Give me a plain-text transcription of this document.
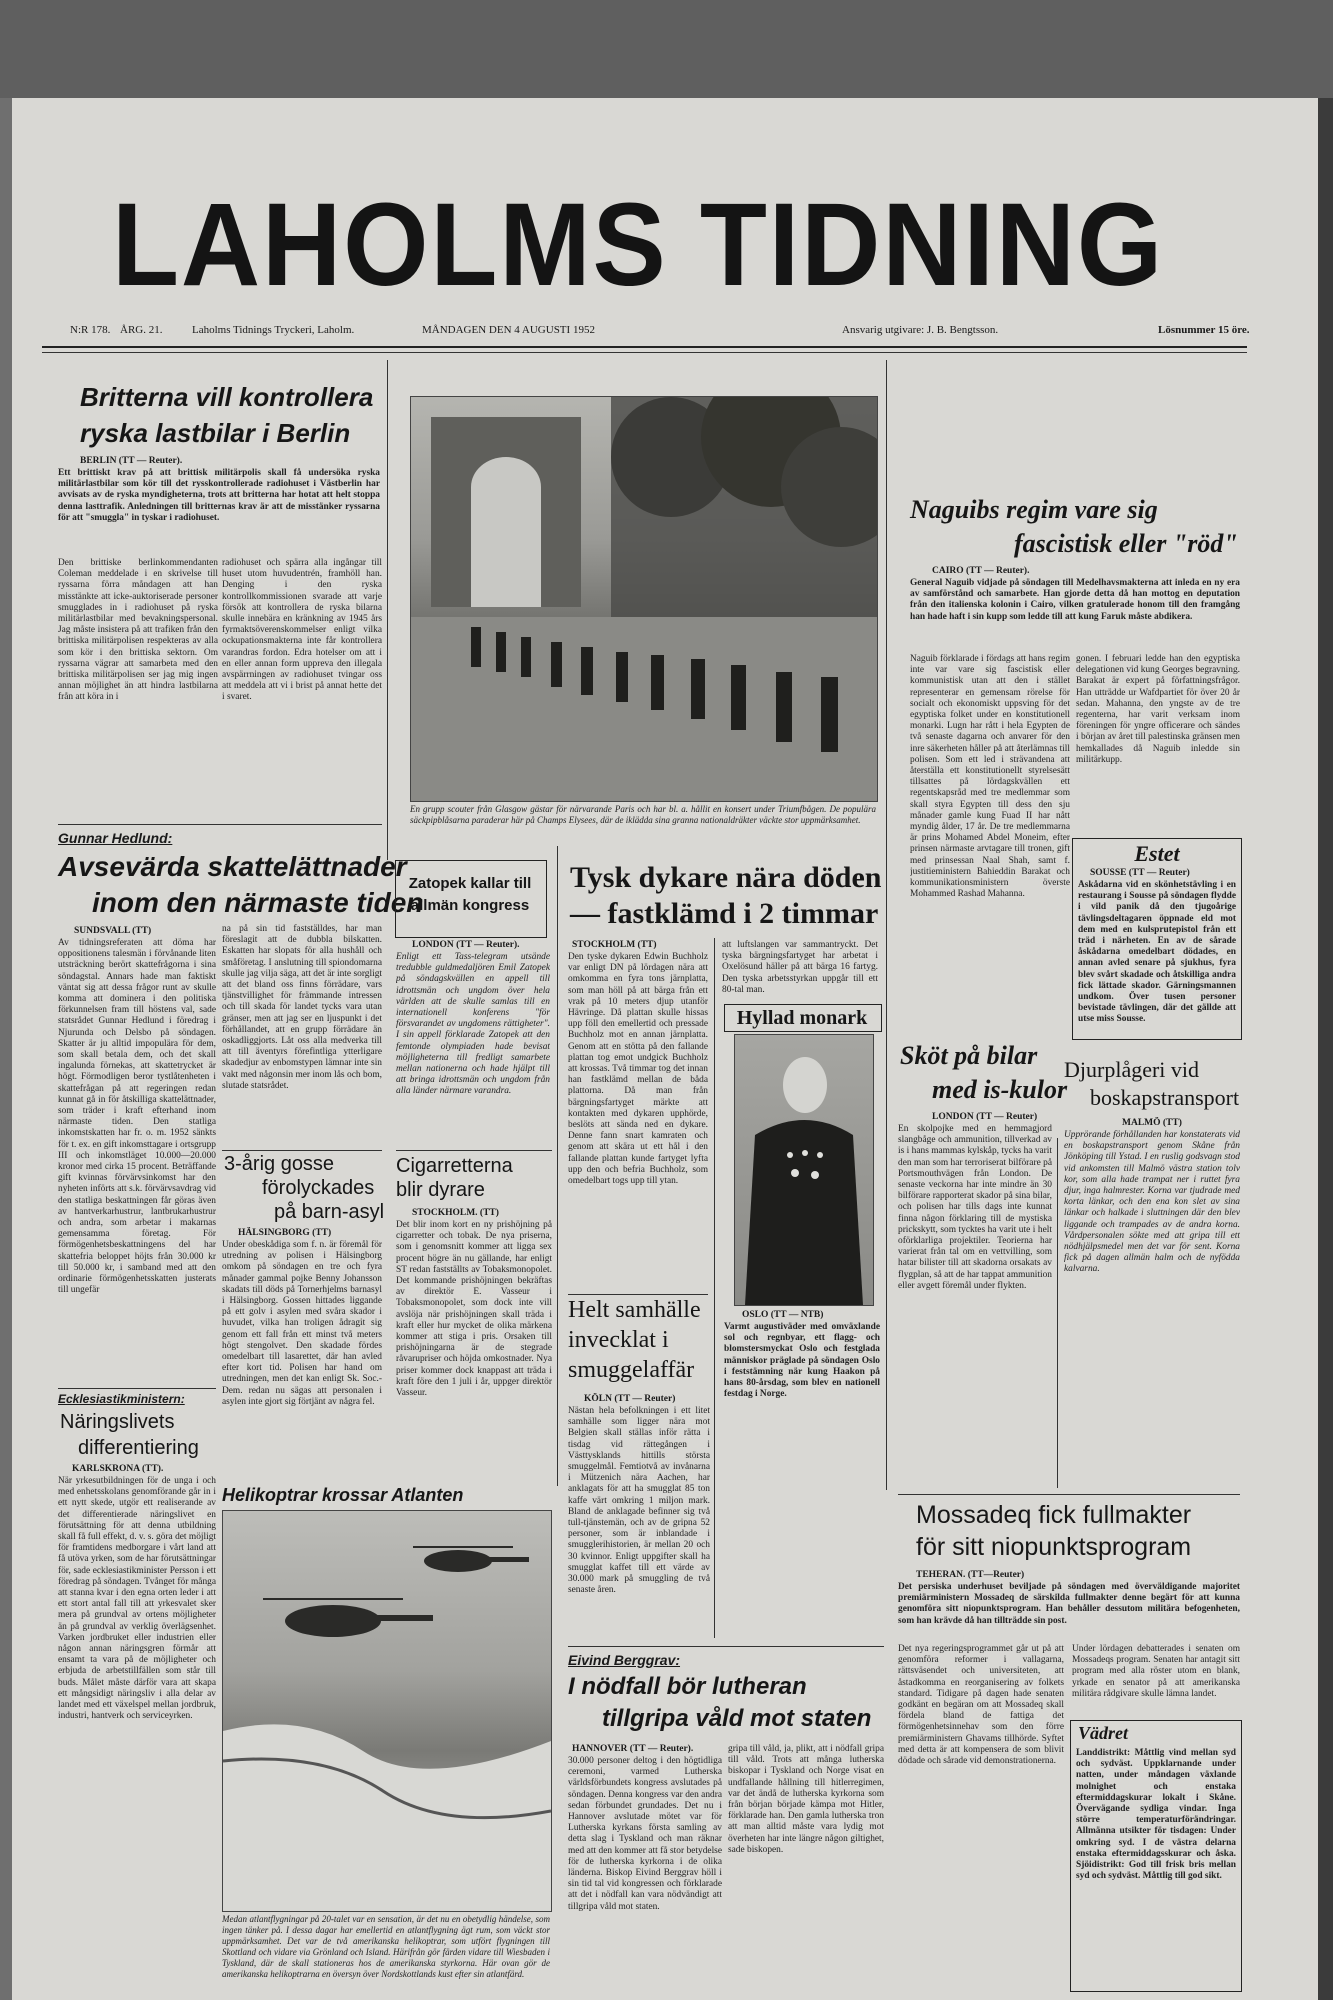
LAHOLMS TIDNING
N:R 178. ÅRG. 21.	Laholms Tidnings Tryckeri, Laholm.	MÅNDAGEN DEN 4 AUGUSTI 1952	Ansvarig utgivare: J. B. Bengtsson.	Lösnummer 15 öre.
Britterna vill kontrollera
ryska lastbilar i Berlin
BERLIN (TT — Reuter).
Ett brittiskt krav på att brittisk militärpolis skall få undersöka ryska militärlastbilar som kör till det rysskontrollerade radiohuset i Västberlin har avvisats av de ryska myndigheterna, trots att britterna har hotat att helt stoppa denna lasttrafik. Anledningen till britternas krav är att de misstänker ryssarna för att "smuggla" in tyskar i radiohuset.
Den brittiske berlinkommendanten Coleman meddelade i en skrivelse till ryssarna förra måndagen att han misstänkte att icke-auktoriserade personer smugglades in i radiohuset på ryska militärlastbilar med bevakningspersonal. Jag måste insistera på att trafiken från den brittiska militärpolisen respekteras av alla som kör i den brittiska sektorn. Om ryssarna vägrar att samarbeta med den brittiska militärpolisen ser jag mig ingen annan möjlighet än att hindra lastbilarna från att köra in i
radiohuset och spärra alla ingångar till huset utom huvudentrén, framhöll han. Denging i den ryska kontrollkommissionen svarade att varje försök att kontrollera de ryska bilarna skulle innebära en kränkning av 1945 års fyrmaktsöverenskommelser enligt vilka ockupationsmakterna inte får kontrollera varandras fordon. Edra hotelser om att i en eller annan form uppreva den illegala avspärrningen av radiohuset tvingar oss att meddela att vi i brist på annat hette det i svaret.
En grupp scouter från Glasgow gästar för närvarande Paris och har bl. a. hållit en konsert under Triumfbågen. De populära säckpipblåsarna paraderar här på Champs Elysees, där de iklädda sina granna nationaldräkter väckte stor uppmärksamhet.
Naguibs regim vare sig
fascistisk eller "röd"
CAIRO (TT — Reuter).
General Naguib vidjade på söndagen till Medelhavsmakterna att inleda en ny era av samförstånd och samarbete. Han gjorde detta då han mottog en deputation från den italienska kolonin i Cairo, vilken gratulerade honom till den framgång han hade haft i sin kupp som ledde till att kung Faruk måste abdikera.
Naguib förklarade i fördags att hans regim inte var vare sig fascistisk eller kommunistisk utan att den i stället representerar en gemensam rörelse för socialt och ekonomiskt uppsving för det egyptiska folket under en konstitutionell monarki. Lugn har rått i hela Egypten de två senaste dagarna och anvarer för den inre säkerheten håller på att återlämnas till polisen. Som ett led i strävandena att återställa ett konstitutionellt styrelsesätt tillsattes på lördagskvällen ett regentskapsråd med tre medlemmar som skall styra Egypten till dess den sju månader gamle kung Fuad II har nått myndig ålder, 17 år. De tre medlemmarna är prins Mohamed Abdel Moneim, efter prinsen närmaste arvtagare till tronen, gift med prinsessan Naal Shah, samt f. justitieministern Bahieddin Barakat och kommunikationsministern överste Mohammed Rashad Mahanna.
gonen. I februari ledde han den egyptiska delegationen vid kung Georges begravning. Barakat är expert på författningsfrågor. Han utträdde ur Wafdpartiet för över 20 år sedan. Mahanna, den yngste av de tre regenterna, har varit verksam inom föreningen för yngre officerare och sändes i början av året till palestinska gränsen men hemkallades då Naguib inledde sin militärkupp.
Estet
SOUSSE (TT — Reuter)
Åskådarna vid en skönhetstävling i en restaurang i Sousse på söndagen flydde i vild panik då den tjugoårige tävlingsdeltagaren öppnade eld mot dem med en kulsprutepistol från ett träd i närheten. En av de sårade åskådarna omedelbart dödades, en annan avled senare på sjukhus, fyra blev svårt skadade och åtskilliga andra fick lättade skador. Gärningsmannen undkom. Över tusen personer bevistade tävlingen, där det gällde att utse miss Sousse.
Gunnar Hedlund:
Avsevärda skattelättnader
inom den närmaste tiden
SUNDSVALL (TT)
Av tidningsreferaten att döma har oppositionens talesmän i förvånande liten utsträckning berört skattefrågorna i sina söndagstal. Annars hade man faktiskt väntat sig att dessa frågor runt av skulle komma att dominera i den politiska förkunnelsen fram till höstens val, sade statsrådet Gunnar Hedlund i föredrag i Njurunda och Delsbo på söndagen. Skatter är ju alltid impopulära för dem, som skall betala dem, och det skall ingalunda förnekas, att skattetrycket är högt. Förmodligen beror tystlåtenheten i skattefrågan på att regeringen redan kunnat gå in för åtskilliga skattelättnader, som träder i kraft efterhand inom närmaste tiden. Den statliga inkomstskatten har fr. o. m. 1952 sänkts för t. ex. en gift inkomsttagare i ortsgrupp III och inkomstläget 10.000—20.000 kronor med cirka 15 procent. Beträffande gift kvinnas förvärvsinkomst har den nyheten införts att s.k. förvärvsavdrag vid den statliga beskattningen får göras även av hantverkarhustrur, lantbrukarhustrur och andra, som arbetar i makarnas gemensamma företag. För förmögenhetsbeskattningens del har skattefria beloppet höjts från 30.000 kr till 50.000 kr, i samband med att den ordinarie förmögenhetsskatten justerats till ungefär
na på sin tid fastställdes, har man föreslagit att de dubbla bilskatten. Eskatten har slopats för alla hushåll och småföretag. I anslutning till spiondomarna skulle jag vilja säga, att det är inte sorgligt att det bland oss finns förrädare, vars tjänstvillighet för främmande intressen och till skada för landet tycks vara utan gränser, men att jag ser en ljuspunkt i det förhållandet, att en grupp förrädare än oskadliggjorts. Låt oss alla medverka till att till äventyrs förefintliga ytterligare skadedjur av enbomstypen lämnar inte sin vakt med någonsin mer inom lås och bom, slutade statsrådet.
Zatopek kallar till
allmän kongress
LONDON (TT — Reuter).
Enligt ett Tass-telegram utsände tredubble guldmedaljören Emil Zatopek på söndagskvällen en appell till idrottsmän och ungdom över hela världen att de skulle samlas till en internationell konferens "för försvarandet av ungdomens rättigheter". I sin appell förklarade Zatopek att den femtonde olympiaden hade bevisat möjligheterna till fredligt samarbete mellan nationerna och hade hjälpt till att bringa idrottsmän och ungdom från alla länder närmare varandra.
Tysk dykare nära döden
— fastklämd i 2 timmar
STOCKHOLM (TT)
Den tyske dykaren Edwin Buchholz var enligt DN på lördagen nära att omkomma en fyra tons järnplatta, som man höll på att bärga från ett vrak på 10 meters djup utanför Hävringe. Då plattan skulle hissas upp föll den emellertid och pressade Buchholz mot en annan järnplatta. Genom att en stötta på den fallande plattan tog emot undgick Buchholz att krossas. Två timmar tog det innan han fastklämd mellan de båda plattorna. Då man från bärgningsfartyget märkte att kontakten med dykaren upphörde, beslöts att sända ned en dykare. Denne fann snart kamraten och genom att skära ut ett hål i den fallande plattan kunde fartyget lyfta upp den och befria Buchholz, som omedelbart togs upp till ytan.
att luftslangen var sammantryckt. Det tyska bärgningsfartyget har arbetat i Oxelösund häller på att bärga 16 fartyg. Den tyska arbetsstyrkan uppgår till ett 80-tal man.
Hyllad monark
OSLO (TT — NTB)
Varmt augustiväder med omväxlande sol och regnbyar, ett flagg- och blomstersmyckat Oslo och festglada människor präglade på söndagen Oslo i feststämning när kung Haakon på hans 80-årsdag, som blev en nationell festdag i Norge.
Sköt på bilar
med is-kulor
LONDON (TT — Reuter)
En skolpojke med en hemmagjord slangbåge och ammunition, tillverkad av is i hans mammas kylskåp, tycks ha varit den man som har terroriserat bilförare på Portsmouthvägen från London. De senaste veckorna har inte mindre än 30 bilförare rapporterat skador på sina bilar, och polisen har tills dags inte kunnat finna någon förklaring till de mystiska prickskytt, som tycktes ha varit ute i helt oförklarliga projektiler. Teorierna har varierat från tal om en vettvilling, som hatar bilister till att skadorna orsakats av flygplan, så att de har tappat ammunition eller avgett föremål under flykten.
Djurplågeri vid
boskapstransport
MALMÖ (TT)
Upprörande förhållanden har konstaterats vid en boskapstransport genom Skåne från Jönköping till Ystad. I en ruslig godsvagn stod vid ankomsten till Malmö västra station tolv kor, som alla hade trampat ner i ruttet fyra djur, inga halmrester. Korna var tjudrade med korta länkar, och den ena kon slet av sina länkar och halkade i sluttningen där den blev liggande och trampades av de andra korna. Vårdpersonalen sökte med att gripa till ett nödhjälpsmedel men det var för sent. Korna fick på dagen allmän halm och de nyfödda kalvarna.
Cigarretterna
blir dyrare
STOCKHOLM. (TT)
Det blir inom kort en ny prishöjning på cigarretter och tobak. De nya priserna, som i genomsnitt kommer att ligga sex procent högre än nu gällande, har enligt ST redan fastställts av Tobaksmonopolet. Det kommande prishöjningen bekräftas av direktör E. Vasseur i Tobaksmonopolet, som dock inte vill avslöja när prishöjningen skall träda i kraft eller hur mycket de olika märkena kommer att stiga i pris. Orsaken till prishöjningarna är de stegrade råvarupriser och höjda omkostnader. Nya priser kommer dock knappast att träda i kraft före den 1 juli i år, uppger direktör Vasseur.
3-årig gosse
förolyckades
på barn-asyl
HÄLSINGBORG (TT)
Under obeskådiga som f. n. är föremål för utredning av polisen i Hälsingborg omkom på söndagen en tre och fyra månader gammal pojke Benny Johansson skadats till döds på Tornerhjelms barnasyl i Hälsingborg. Gossen hittades liggande på ett golv i asylen med svåra skador i huvudet, vilka han troligen ådragit sig genom ett fall från ett minst två meters högt stengolvet. Den skadade fördes omedelbart till lasarettet, där han avled efter kort tid. Polisen har hand om utredningen, men det kan enligt Sk. Soc.-Dem. redan nu sägas att personalen i asylen inte gjort sig förtjänt av några fel.
Helt samhälle
invecklat i
smuggelaffär
KÖLN (TT — Reuter)
Nästan hela befolkningen i ett litet samhälle som ligger nära mot Belgien skall ställas inför rätta i tisdag vid rättegången i Västtysklands hittills största smuggelmål. Femtiotvå av invånarna i Mützenich nära Aachen, har anklagats för att ha smugglat 85 ton kaffe värt omkring 1 miljon mark. Bland de anklagade befinner sig två tull-tjänstemän, och av de gripna 52 personer, som är inblandade i smugglerihistorien, är mellan 20 och 30 kvinnor. Enligt uppgifter skall ha smugglat kaffet till ett värde av 30.000 mark på smuggling de två senaste åren.
Ecklesiastikministern:
Näringslivets
differentiering
KARLSKRONA (TT).
När yrkesutbildningen för de unga i och med enhetsskolans genomförande går in i ett nytt skede, utgör ett realiserande av det differentierade näringslivet en förutsättning för att denna utbildning skall få full effekt, d. v. s. göra det möjligt för framtidens medborgare i vårt land att få utöva yrken, som de har förutsättningar för, sade ecklesiastikminister Persson i ett föredrag på söndagen. Tvånget för många att stanna kvar i den egna orten leder i att ett stort antal fall till att yrkesvalet sker mera på grundval av ortens möjligheter än på grundval av verklig överlägsenhet. Varken jordbruket eller industrien eller någon annan näringsgren förmår att ensamt ta vara på de möjligheter och erbjuda de arbetstillfällen som står till buds. Målet måste därför vara att skapa ett mångsidigt näringsliv i alla delar av landet med ett växelspel mellan jordbruk, industri, hantverk och serviceyrken.
Helikoptrar krossar Atlanten
Medan atlantflygningar på 20-talet var en sensation, är det nu en obetydlig händelse, som ingen tänker på. I dessa dagar har emellertid en atlantflygning ägt rum, som väckt stor uppmärksamhet. Det var de två amerikanska helikoptrar, som utfört flygningen till Skottland och vidare via Grönland och Island. Härifrån gör färden vidare till Wiesbaden i Tyskland, där de skall stationeras hos de amerikanska styrkorna. Här ovan gör de amerikanska helikoptrarna en översyn över Nordskottlands kust efter sin atlantfärd.
Eivind Berggrav:
I nödfall bör lutheran
tillgripa våld mot staten
HANNOVER (TT — Reuter).
30.000 personer deltog i den högtidliga ceremoni, varmed Lutherska världsförbundets kongress avslutades på söndagen. Denna kongress var den andra sedan förbundet grundades. Det nu i Hannover avslutade mötet var för Lutherska kyrkans första samling av detta slag i Tyskland och man räknar med att den kommer att få stor betydelse för de lutherska kyrkorna i de olika länderna. Biskop Eivind Berggrav höll i sin tid tal vid kongressen och förklarade att det i nödfall kan vara nödvändigt att tillgripa våld mot staten.
gripa till våld, ja, plikt, att i nödfall gripa till våld. Trots att många lutherska biskopar i Tyskland och Norge visat en undfallande hållning till hitlerregimen, var det ändå de lutherska kyrkorna som från början började kämpa mot Hitler, förklarade han. Den gamla lutherska tron att man alltid måste vara lydig mot överheten har inte längre någon giltighet, sade biskopen.
Mossadeq fick fullmakter
för sitt niopunktsprogram
TEHERAN. (TT—Reuter)
Det persiska underhuset beviljade på söndagen med överväldigande majoritet premiärministern Mossadeq de särskilda fullmakter denne begärt för att kunna genomföra sitt niopunktsprogram. Han behåller dessutom militära befogenheten, som han krävde då han tillträdde sin post.
Det nya regeringsprogrammet går ut på att genomföra reformer i vallagarna, rättsväsendet och universiteten, att åstadkomma en reorganisering av folkets standard. Tidigare på dagen hade senaten godkänt en begäran om att Mossadeq skall fördela bland de fattiga det förmögenhetsinnehav som den förre premiärministern Ghavams tillhörde. Syftet med detta är att kompensera de som blivit dödade och sårade vid demonstrationerna.
Under lördagen debatterades i senaten om Mossadeqs program. Senaten har antagit sitt program med alla röster utom en blank, yrkade en senator på att amerikanska militära rådgivare skulle lämna landet.
Vädret
Landdistrikt: Måttlig vind mellan syd och sydväst. Uppklarnande under natten, under måndagen växlande molnighet och enstaka eftermiddagskurar lokalt i Skåne. Övervägande sydliga vindar. Inga större temperaturförändringar. Allmänna utsikter för tisdagen: Under omkring syd. I de västra delarna enstaka eftermiddagsskurar och åska. Sjöidistrikt: God till frisk bris mellan syd och sydväst. Måttlig till god sikt.
